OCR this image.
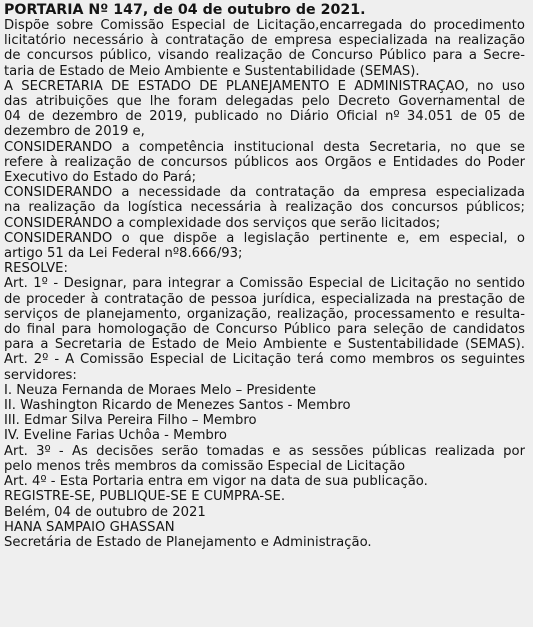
PORTARIA Nº 147, de 04 de outubro de 2021.
Dispõe sobre Comissão Especial de Licitação,encarregada do procedimento
licitatório necessário à contratação de empresa especializada na realização
de concursos público, visando realização de Concurso Público para a Secre-
taria de Estado de Meio Ambiente e Sustentabilidade (SEMAS).
A SECRETÁRIA DE ESTADO DE PLANEJAMENTO E ADMINISTRAÇÃO, no uso
das atribuições que lhe foram delegadas pelo Decreto Governamental de
04 de dezembro de 2019, publicado no Diário Oficial nº 34.051 de 05 de
dezembro de 2019 e,
CONSIDERANDO a competência institucional desta Secretaria, no que se
refere à realização de concursos públicos aos Órgãos e Entidades do Poder
Executivo do Estado do Pará;
CONSIDERANDO a necessidade da contratação da empresa especializada
na realização da logística necessária à realização dos concursos públicos;
CONSIDERANDO a complexidade dos serviços que serão licitados;
CONSIDERANDO o que dispõe a legislação pertinente e, em especial, o
artigo 51 da Lei Federal nº8.666/93;
RESOLVE:
Art. 1º - Designar, para integrar a Comissão Especial de Licitação no sentido
de proceder à contratação de pessoa jurídica, especializada na prestação de
serviços de planejamento, organização, realização, processamento e resulta-
do final para homologação de Concurso Público para seleção de candidatos
para a Secretaria de Estado de Meio Ambiente e Sustentabilidade (SEMAS).
Art. 2º - A Comissão Especial de Licitação terá como membros os seguintes
servidores:
I. Neuza Fernanda de Moraes Melo – Presidente
II. Washington Ricardo de Menezes Santos - Membro
III. Edmar Silva Pereira Filho – Membro
IV. Eveline Farias Uchôa - Membro
Art. 3º - As decisões serão tomadas e as sessões públicas realizada por
pelo menos três membros da comissão Especial de Licitação
Art. 4º - Esta Portaria entra em vigor na data de sua publicação.
REGISTRE-SE, PUBLIQUE-SE E CUMPRA-SE.
Belém, 04 de outubro de 2021
HANA SAMPAIO GHASSAN
Secretária de Estado de Planejamento e Administração.
